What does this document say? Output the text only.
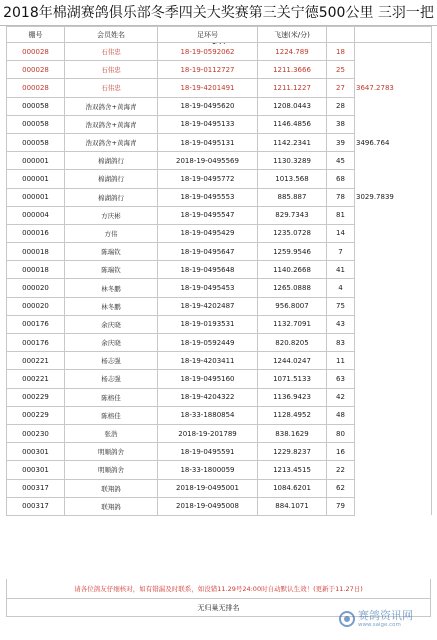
2018年棉湖赛鸽俱乐部冬季四关大奖赛第三关宁德500公里 三羽一把
棚号	会员姓名	足环号	飞速(米/分)		
000028	石伟忠	18-19-0592062	1224.789	18	
000028	石伟忠	18-19-0112727	1211.3666	25	
000028	石伟忠	18-19-4201491	1211.1227	27	3647.2783
000058	浩双鸽舍+黄海青	18-19-0495620	1208.0443	28	
000058	浩双鸽舍+黄海青	18-19-0495133	1146.4856	38	
000058	浩双鸽舍+黄海青	18-19-0495131	1142.2341	39	3496.764
000001	棉湖鸽行	2018-19-0495569	1130.3289	45	
000001	棉湖鸽行	18-19-0495772	1013.568	68	
000001	棉湖鸽行	18-19-0495553	885.887	78	3029.7839
000004	方庆彬	18-19-0495547	829.7343	81	
000016	方伟	18-19-0495429	1235.0728	14	
000018	陈瑞钦	18-19-0495647	1259.9546	7	
000018	陈瑞钦	18-19-0495648	1140.2668	41	
000020	林冬鹏	18-19-0495453	1265.0888	4	
000020	林冬鹏	18-19-4202487	956.8007	75	
000176	余庆晓	18-19-0193531	1132.7091	43	
000176	余庆晓	18-19-0592449	820.8205	83	
000221	杨志强	18-19-4203411	1244.0247	11	
000221	杨志强	18-19-0495160	1071.5133	63	
000229	陈榕佳	18-19-4204322	1136.9423	42	
000229	陈榕佳	18-33-1880854	1128.4952	48	
000230	张浩	2018-19-201789	838.1629	80	
000301	明顺鸽舍	18-19-0495591	1229.8237	16	
000301	明顺鸽舍	18-33-1800059	1213.4515	22	
000317	联翔鸽	2018-19-0495001	1084.6201	62	
000317	联翔鸽	2018-19-0495008	884.1071	79	
请各位鸽友仔细核对，如有错漏及时联系，如没错11.29号24:00时自动默认生效！(更新于11.27日)
无归巢无排名
赛鸽资讯网
www.saige.com
